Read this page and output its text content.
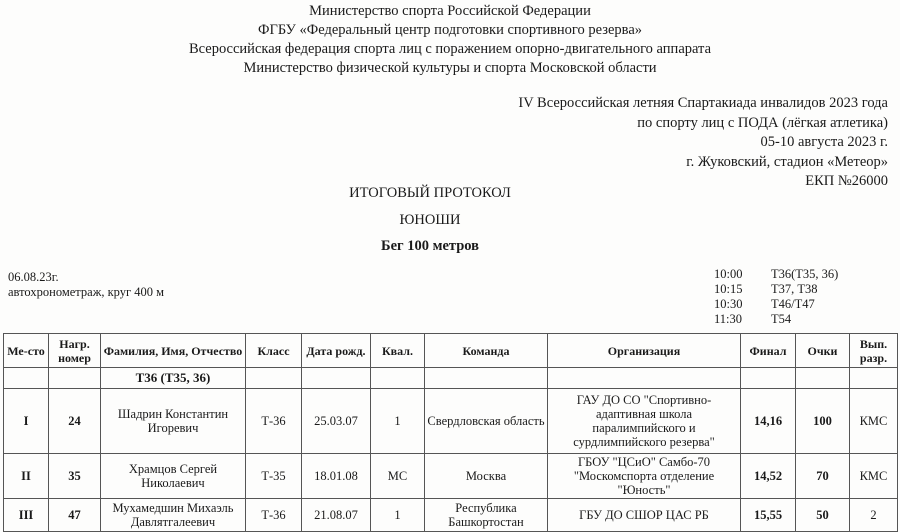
Министерство спорта Российской Федерации
ФГБУ «Федеральный центр подготовки спортивного резерва»
Всероссийская федерация спорта лиц с поражением опорно-двигательного аппарата
Министерство физической культуры и спорта Московской области
IV Всероссийская летняя Спартакиада инвалидов 2023 года
по спорту лиц с ПОДА (лёгкая атлетика)
05-10 августа 2023 г.
г. Жуковский, стадион «Метеор»
ЕКП №26000
ИТОГОВЫЙ ПРОТОКОЛ
ЮНОШИ
Бег 100 метров
06.08.23г.
автохронометраж, круг 400 м
10:00	Т36(Т35, 36)
10:15	Т37, Т38
10:30	Т46/Т47
11:30	Т54
Ме-сто	Нагр. номер	Фамилия, Имя, Отчество	Класс	Дата рожд.	Квал.	Команда	Организация	Финал	Очки	Вып. разр.
		Т36 (Т35, 36)								
I	24	Шадрин Константин Игоревич	Т-36	25.03.07	1	Свердловская область	ГАУ ДО СО "Спортивно-адаптивная школа паралимпийского и сурдлимпийского резерва"	14,16	100	КМС
II	35	Храмцов Сергей Николаевич	Т-35	18.01.08	МС	Москва	ГБОУ "ЦСиО" Самбо-70 "Москомспорта отделение "Юность"	14,52	70	КМС
III	47	Мухамедшин Михаэль Давлятгалеевич	Т-36	21.08.07	1	Республика Башкортостан	ГБУ ДО СШОР ЦАС РБ	15,55	50	2
